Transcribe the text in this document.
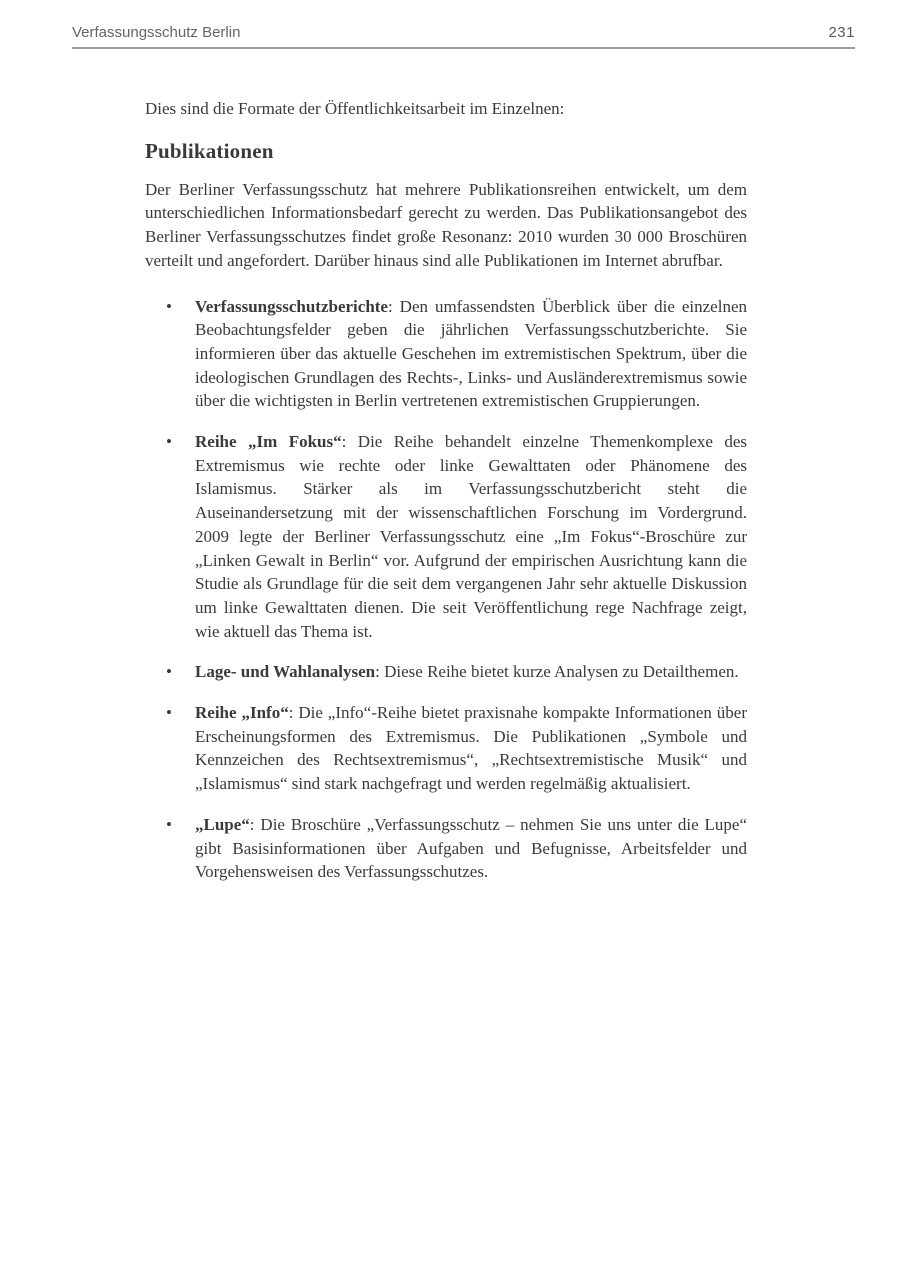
Verfassungsschutz Berlin	231

Dies sind die Formate der Öffentlichkeitsarbeit im Einzelnen:

Publikationen

Der Berliner Verfassungsschutz hat mehrere Publikationsreihen entwickelt, um dem unterschiedlichen Informationsbedarf gerecht zu werden. Das Publikationsangebot des Berliner Verfassungsschutzes findet große Resonanz: 2010 wurden 30 000 Broschüren verteilt und angefordert. Darüber hinaus sind alle Publikationen im Internet abrufbar.

• Verfassungsschutzberichte: Den umfassendsten Überblick über die einzelnen Beobachtungsfelder geben die jährlichen Verfassungsschutzberichte. Sie informieren über das aktuelle Geschehen im extremistischen Spektrum, über die ideologischen Grundlagen des Rechts-, Links- und Ausländerextremismus sowie über die wichtigsten in Berlin vertretenen extremistischen Gruppierungen.
• Reihe „Im Fokus“: Die Reihe behandelt einzelne Themenkomplexe des Extremismus wie rechte oder linke Gewalttaten oder Phänomene des Islamismus. Stärker als im Verfassungsschutzbericht steht die Auseinandersetzung mit der wissenschaftlichen Forschung im Vordergrund. 2009 legte der Berliner Verfassungsschutz eine „Im Fokus“-Broschüre zur „Linken Gewalt in Berlin“ vor. Aufgrund der empirischen Ausrichtung kann die Studie als Grundlage für die seit dem vergangenen Jahr sehr aktuelle Diskussion um linke Gewalttaten dienen. Die seit Veröffentlichung rege Nachfrage zeigt, wie aktuell das Thema ist.
• Lage- und Wahlanalysen: Diese Reihe bietet kurze Analysen zu Detailthemen.
• Reihe „Info“: Die „Info“-Reihe bietet praxisnahe kompakte Informationen über Erscheinungsformen des Extremismus. Die Publikationen „Symbole und Kennzeichen des Rechtsextremismus“, „Rechtsextremistische Musik“ und „Islamismus“ sind stark nachgefragt und werden regelmäßig aktualisiert.
• „Lupe“: Die Broschüre „Verfassungsschutz – nehmen Sie uns unter die Lupe“ gibt Basisinformationen über Aufgaben und Befugnisse, Arbeitsfelder und Vorgehensweisen des Verfassungsschutzes.
